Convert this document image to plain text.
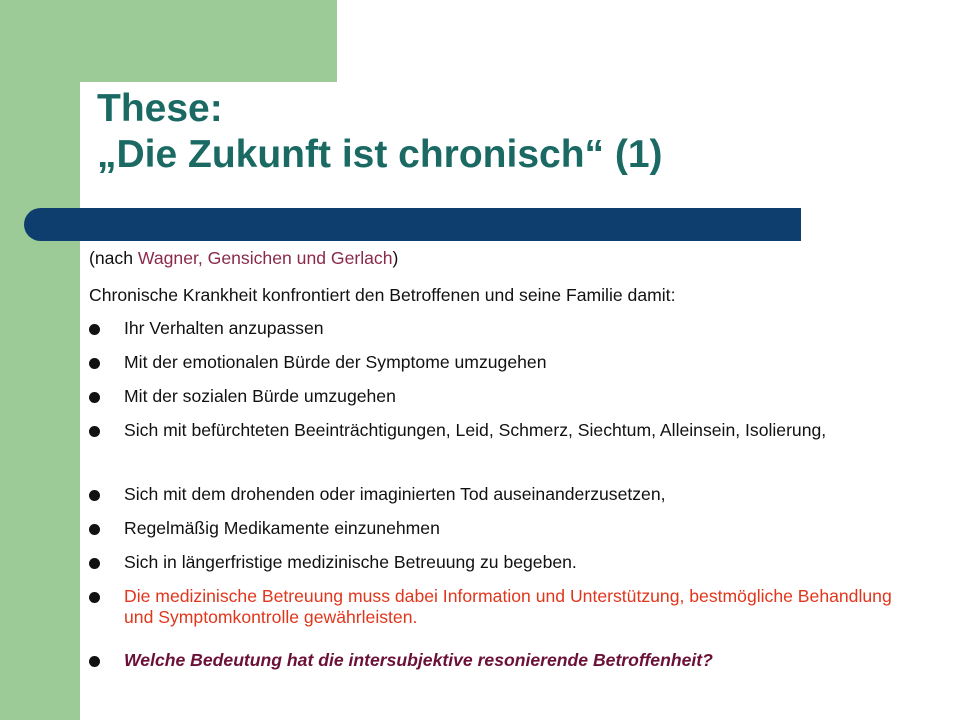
These:
„Die Zukunft ist chronisch“ (1)
(nach Wagner, Gensichen und Gerlach)
Chronische Krankheit konfrontiert den Betroffenen und seine Familie damit:
Ihr Verhalten anzupassen
Mit der emotionalen Bürde der Symptome umzugehen
Mit der sozialen Bürde umzugehen
Sich mit befürchteten Beeinträchtigungen, Leid, Schmerz, Siechtum, Alleinsein, Isolierung,
Sich mit dem drohenden oder imaginierten Tod auseinanderzusetzen,
Regelmäßig Medikamente einzunehmen
Sich in längerfristige medizinische Betreuung zu begeben.
Die medizinische Betreuung muss dabei Information und Unterstützung, bestmögliche Behandlung und Symptomkontrolle gewährleisten.
Welche Bedeutung hat die intersubjektive resonierende Betroffenheit?
